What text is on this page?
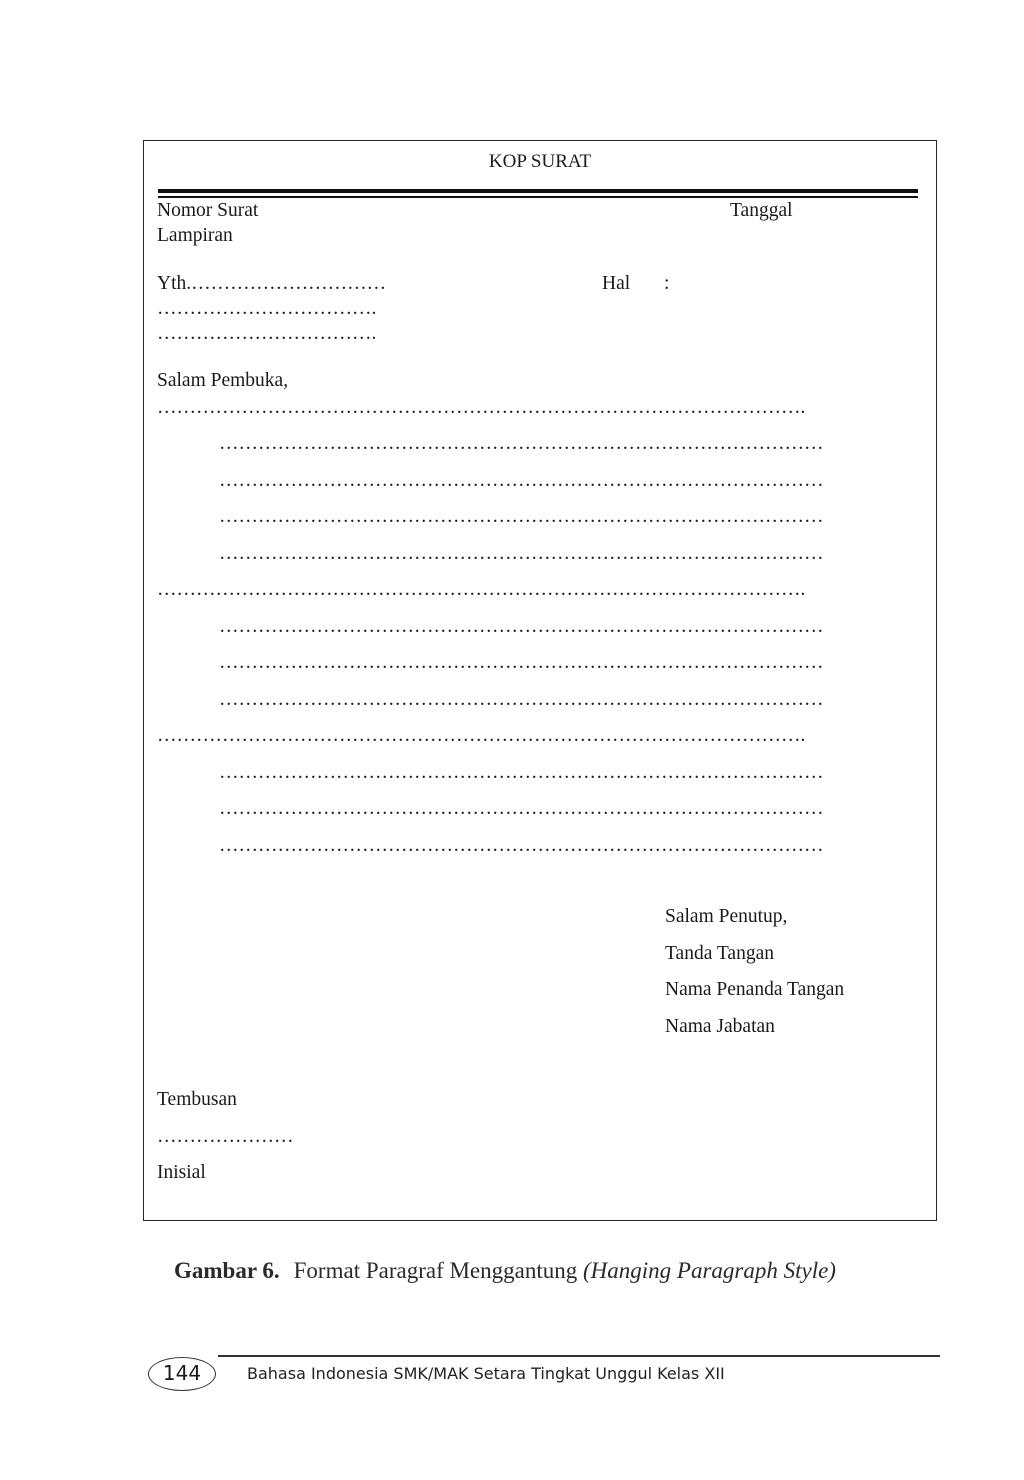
KOP SURAT
Nomor Surat	Tanggal
Lampiran
Yth.…………………………	Hal :
…………………………….
…………………………….
Salam Pembuka,
……………………………………………………………………………………….
…………………………………………………………………………………
…………………………………………………………………………………
…………………………………………………………………………………
…………………………………………………………………………………
……………………………………………………………………………………….
…………………………………………………………………………………
…………………………………………………………………………………
…………………………………………………………………………………
……………………………………………………………………………………….
…………………………………………………………………………………
…………………………………………………………………………………
…………………………………………………………………………………
Salam Penutup,
Tanda Tangan
Nama Penanda Tangan
Nama Jabatan
Tembusan
…………………
Inisial
Gambar 6. Format Paragraf Menggantung (Hanging Paragraph Style)
144	Bahasa Indonesia SMK/MAK Setara Tingkat Unggul Kelas XII
